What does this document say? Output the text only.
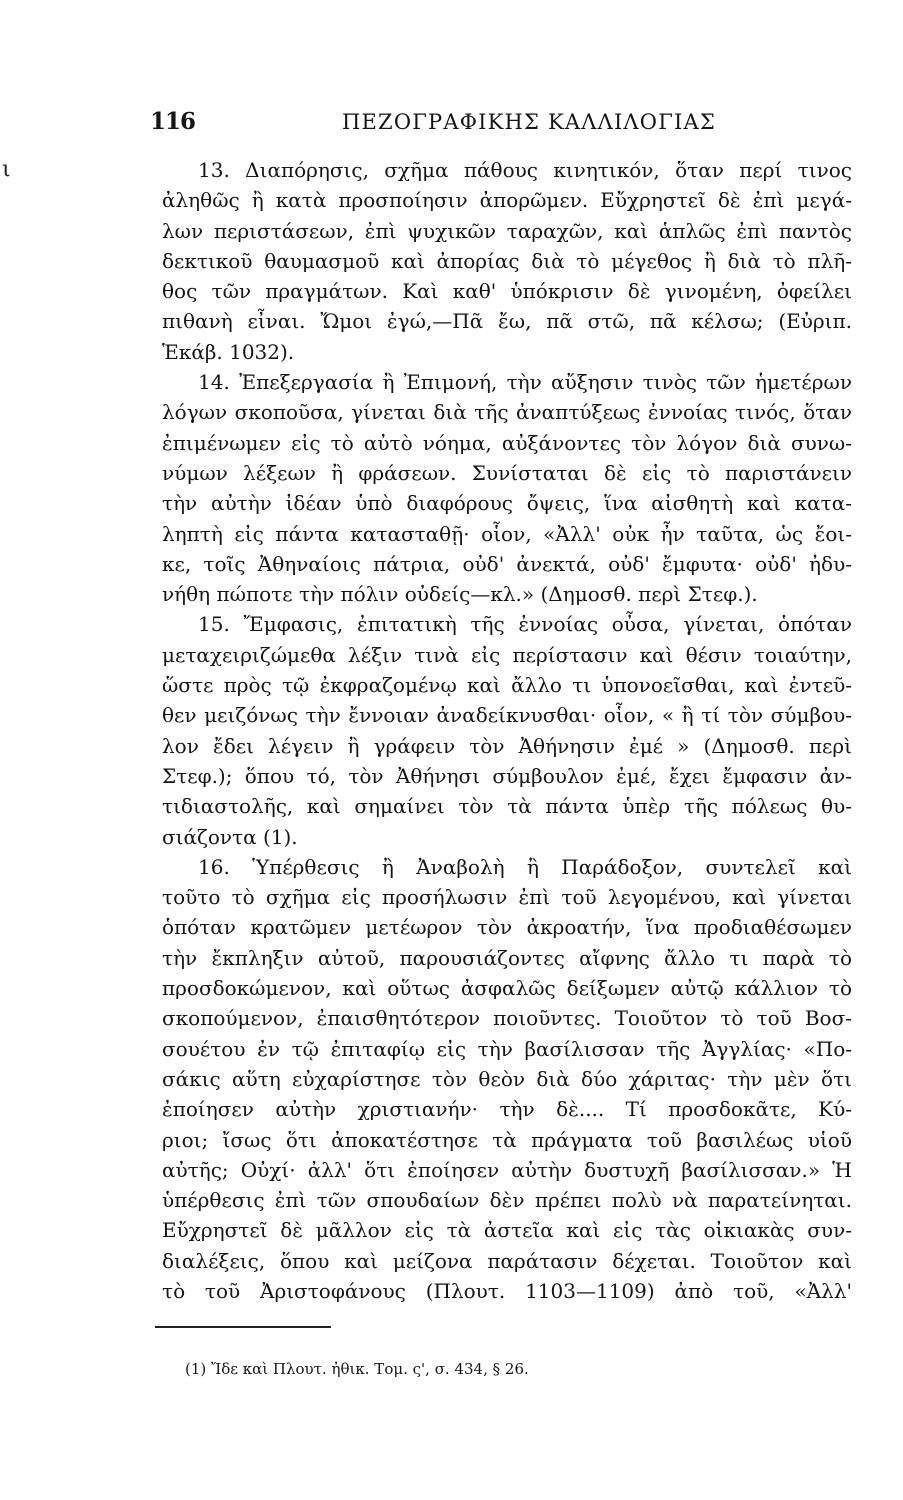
ι
116	ΠΕΖΟΓΡΑΦΙΚΗΣ ΚΑΛΛΙΛΟΓΙΑΣ
13. Διαπόρησις, σχῆμα πάθους κινητικόν, ὅταν περί τινος
ἀληθῶς ἢ κατὰ προσποίησιν ἀπορῶμεν. Εὔχρηστεῖ δὲ ἐπὶ μεγά-
λων περιστάσεων, ἐπὶ ψυχικῶν ταραχῶν, καὶ ἁπλῶς ἐπὶ παντὸς
δεκτικοῦ θαυμασμοῦ καὶ ἀπορίας διὰ τὸ μέγεθος ἢ διὰ τὸ πλῆ-
θος τῶν πραγμάτων. Καὶ καθ' ὑπόκρισιν δὲ γινομένη, ὀφείλει
πιθανὴ εἶναι. Ὤμοι ἐγώ,—Πᾶ ἔω, πᾶ στῶ, πᾶ κέλσω; (Εὐριπ.
Ἑκάβ. 1032).
14. Ἐπεξεργασία ἢ Ἐπιμονή, τὴν αὔξησιν τινὸς τῶν ἡμετέρων
λόγων σκοποῦσα, γίνεται διὰ τῆς ἀναπτύξεως ἐννοίας τινός, ὅταν
ἐπιμένωμεν εἰς τὸ αὐτὸ νόημα, αὐξάνοντες τὸν λόγον διὰ συνω-
νύμων λέξεων ἢ φράσεων. Συνίσταται δὲ εἰς τὸ παριστάνειν
τὴν αὐτὴν ἰδέαν ὑπὸ διαφόρους ὄψεις, ἵνα αἰσθητὴ καὶ κατα-
ληπτὴ εἰς πάντα κατασταθῇ· οἷον, «Ἀλλ' οὐκ ἦν ταῦτα, ὡς ἔοι-
κε, τοῖς Ἀθηναίοις πάτρια, οὐδ' ἀνεκτά, οὐδ' ἔμφυτα· οὐδ' ἠδυ-
νήθη πώποτε τὴν πόλιν οὐδείς—κλ.» (Δημοσθ. περὶ Στεφ.).
15. Ἔμφασις, ἐπιτατικὴ τῆς ἐννοίας οὖσα, γίνεται, ὁπόταν
μεταχειριζώμεθα λέξιν τινὰ εἰς περίστασιν καὶ θέσιν τοιαύτην,
ὥστε πρὸς τῷ ἐκφραζομένῳ καὶ ἄλλο τι ὑπονοεῖσθαι, καὶ ἐντεῦ-
θεν μειζόνως τὴν ἔννοιαν ἀναδείκνυσθαι· οἷον, « ἢ τί τὸν σύμβου-
λον ἔδει λέγειν ἢ γράφειν τὸν Ἀθήνησιν ἐμέ » (Δημοσθ. περὶ
Στεφ.); ὅπου τό, τὸν Ἀθήνησι σύμβουλον ἐμέ, ἔχει ἔμφασιν ἀν-
τιδιαστολῆς, καὶ σημαίνει τὸν τὰ πάντα ὑπὲρ τῆς πόλεως θυ-
σιάζοντα (1).
16. Ὑπέρθεσις ἢ Ἀναβολὴ ἢ Παράδοξον, συντελεῖ καὶ
τοῦτο τὸ σχῆμα εἰς προσήλωσιν ἐπὶ τοῦ λεγομένου, καὶ γίνεται
ὁπόταν κρατῶμεν μετέωρον τὸν ἀκροατήν, ἵνα προδιαθέσωμεν
τὴν ἔκπληξιν αὐτοῦ, παρουσιάζοντες αἴφνης ἄλλο τι παρὰ τὸ
προσδοκώμενον, καὶ οὕτως ἀσφαλῶς δείξωμεν αὐτῷ κάλλιον τὸ
σκοπούμενον, ἐπαισθητότερον ποιοῦντες. Τοιοῦτον τὸ τοῦ Βοσ-
σουέτου ἐν τῷ ἐπιταφίῳ εἰς τὴν βασίλισσαν τῆς Ἀγγλίας· «Πο-
σάκις αὕτη εὐχαρίστησε τὸν θεὸν διὰ δύο χάριτας· τὴν μὲν ὅτι
ἐποίησεν αὐτὴν χριστιανήν· τὴν δὲ.... Τί προσδοκᾶτε, Κύ-
ριοι; ἴσως ὅτι ἀποκατέστησε τὰ πράγματα τοῦ βασιλέως υἱοῦ
αὐτῆς; Οὐχί· ἀλλ' ὅτι ἐποίησεν αὐτὴν δυστυχῆ βασίλισσαν.» Ἡ
ὑπέρθεσις ἐπὶ τῶν σπουδαίων δὲν πρέπει πολὺ νὰ παρατείνηται.
Εὔχρηστεῖ δὲ μᾶλλον εἰς τὰ ἀστεῖα καὶ εἰς τὰς οἰκιακὰς συν-
διαλέξεις, ὅπου καὶ μείζονα παράτασιν δέχεται. Τοιοῦτον καὶ
τὸ τοῦ Ἀριστοφάνους (Πλουτ. 1103—1109) ἀπὸ τοῦ, «Ἀλλ'
(1) Ἴδε καὶ Πλουτ. ἠθικ. Τομ. ς', σ. 434, § 26.
